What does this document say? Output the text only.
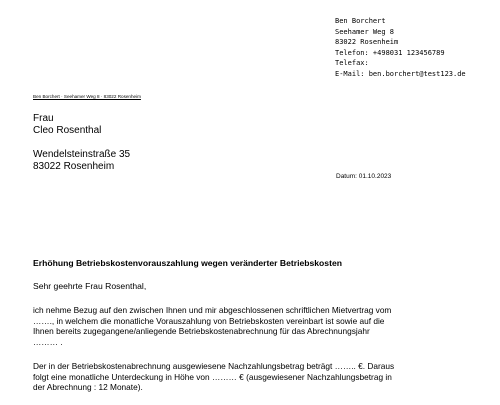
Ben Borchert
Seehamer Weg 8
83022 Rosenheim
Telefon: +498031 123456789
Telefax:
E-Mail: ben.borchert@test123.de
Ben Borchert · Seehamer Weg 8 · 83022 Rosenheim
Frau
Cleo Rosenthal
Wendelsteinstraße 35
83022 Rosenheim
Datum: 01.10.2023
Erhöhung Betriebskostenvorauszahlung wegen veränderter Betriebskosten
Sehr geehrte Frau Rosenthal,
ich nehme Bezug auf den zwischen Ihnen und mir abgeschlossenen schriftlichen Mietvertrag vom
……., in welchem die monatliche Vorauszahlung von Betriebskosten vereinbart ist sowie auf die
Ihnen bereits zugegangene/anliegende Betriebskostenabrechnung für das Abrechnungsjahr
……… .
Der in der Betriebskostenabrechnung ausgewiesene Nachzahlungsbetrag beträgt …….. €. Daraus
folgt eine monatliche Unterdeckung in Höhe von ……… € (ausgewiesener Nachzahlungsbetrag in
der Abrechnung : 12 Monate).
